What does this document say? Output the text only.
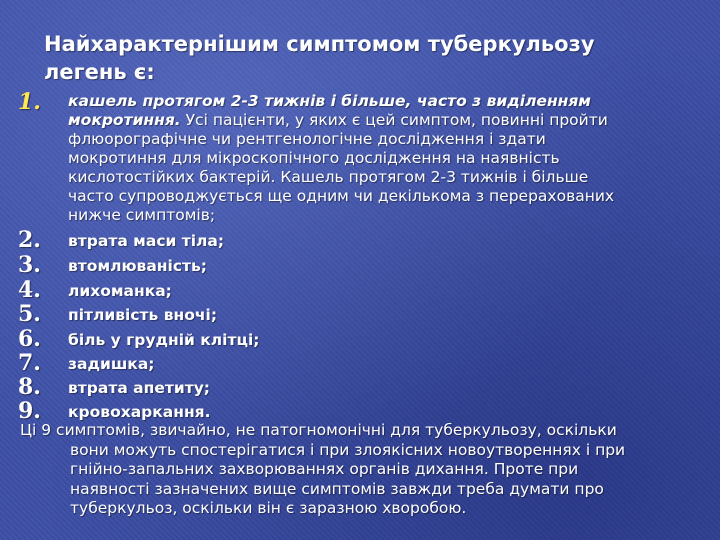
Найхарактернішим симптомом туберкульозу
легень є:
1. кашель протягом 2-3 тижнів і більше, часто з виділенням
мокротиння. Усі пацієнти, у яких є цей симптом, повинні пройти
флюорографічне чи рентгенологічне дослідження і здати
мокротиння для мікроскопічного дослідження на наявність
кислотостійких бактерій. Кашель протягом 2-3 тижнів і більше
часто супроводжується ще одним чи декількома з перерахованих
нижче симптомів;
2. втрата маси тіла;
3. втомлюваність;
4. лихоманка;
5. пітливість вночі;
6. біль у грудній клітці;
7. задишка;
8. втрата апетиту;
9. кровохаркання.
Ці 9 симптомів, звичайно, не патогномонічні для туберкульозу, оскільки
вони можуть спостерігатися і при злоякісних новоутвореннях і при
гнійно-запальних захворюваннях органів дихання. Проте при
наявності зазначених вище симптомів завжди треба думати про
туберкульоз, оскільки він є заразною хворобою.
